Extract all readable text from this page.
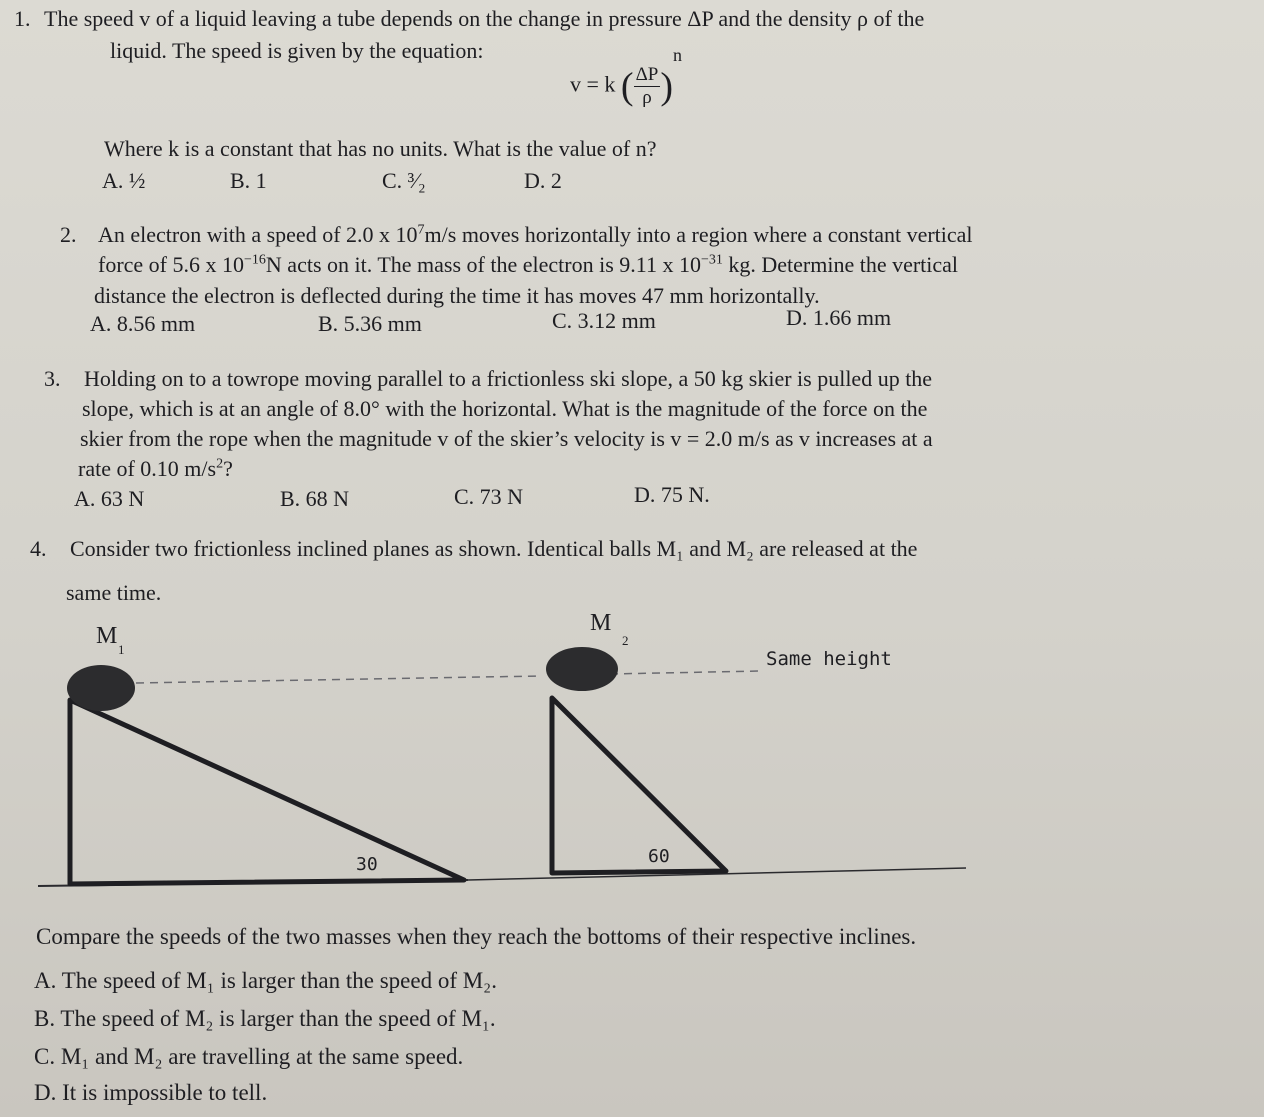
1. The speed v of a liquid leaving a tube depends on the change in pressure ΔP and the density ρ of the
liquid. The speed is given by the equation:
v = k ( $\frac{\Delta P}{\rho} )^n$
Where k is a constant that has no units. What is the value of n?
A. ½	B. 1	C. ³⁄₂	D. 2
2. An electron with a speed of 2.0 x $10^7m/s$ moves horizontally into a region where a constant vertical
force of 5.6 x $10^{-16}N$ acts on it. The mass of the electron is 9.11 x $10^{-31}$ kg. Determine the vertical
distance the electron is deflected during the time it has moves 47 mm horizontally.
A. 8.56 mm	B. 5.36 mm	C. 3.12 mm	D. 1.66 mm
3. Holding on to a towrope moving parallel to a frictionless ski slope, a 50 kg skier is pulled up the
slope, which is at an angle of 8.0° with the horizontal. What is the magnitude of the force on the
skier from the rope when the magnitude v of the skier’s velocity is v = 2.0 m/s as v increases at a
rate of 0.10 $m/s^2$?
A. 63 N	B. 68 N	C. 73 N	D. 75 N.
4. Consider two frictionless inclined planes as shown. Identical balls M₁ and M₂ are released at the
same time.
M
1
M
2
Same height
30	60
Compare the speeds of the two masses when they reach the bottoms of their respective inclines.
A. The speed of M₁ is larger than the speed of M₂.
B. The speed of M₂ is larger than the speed of M₁.
C. M₁ and M₂ are travelling at the same speed.
D. It is impossible to tell.
